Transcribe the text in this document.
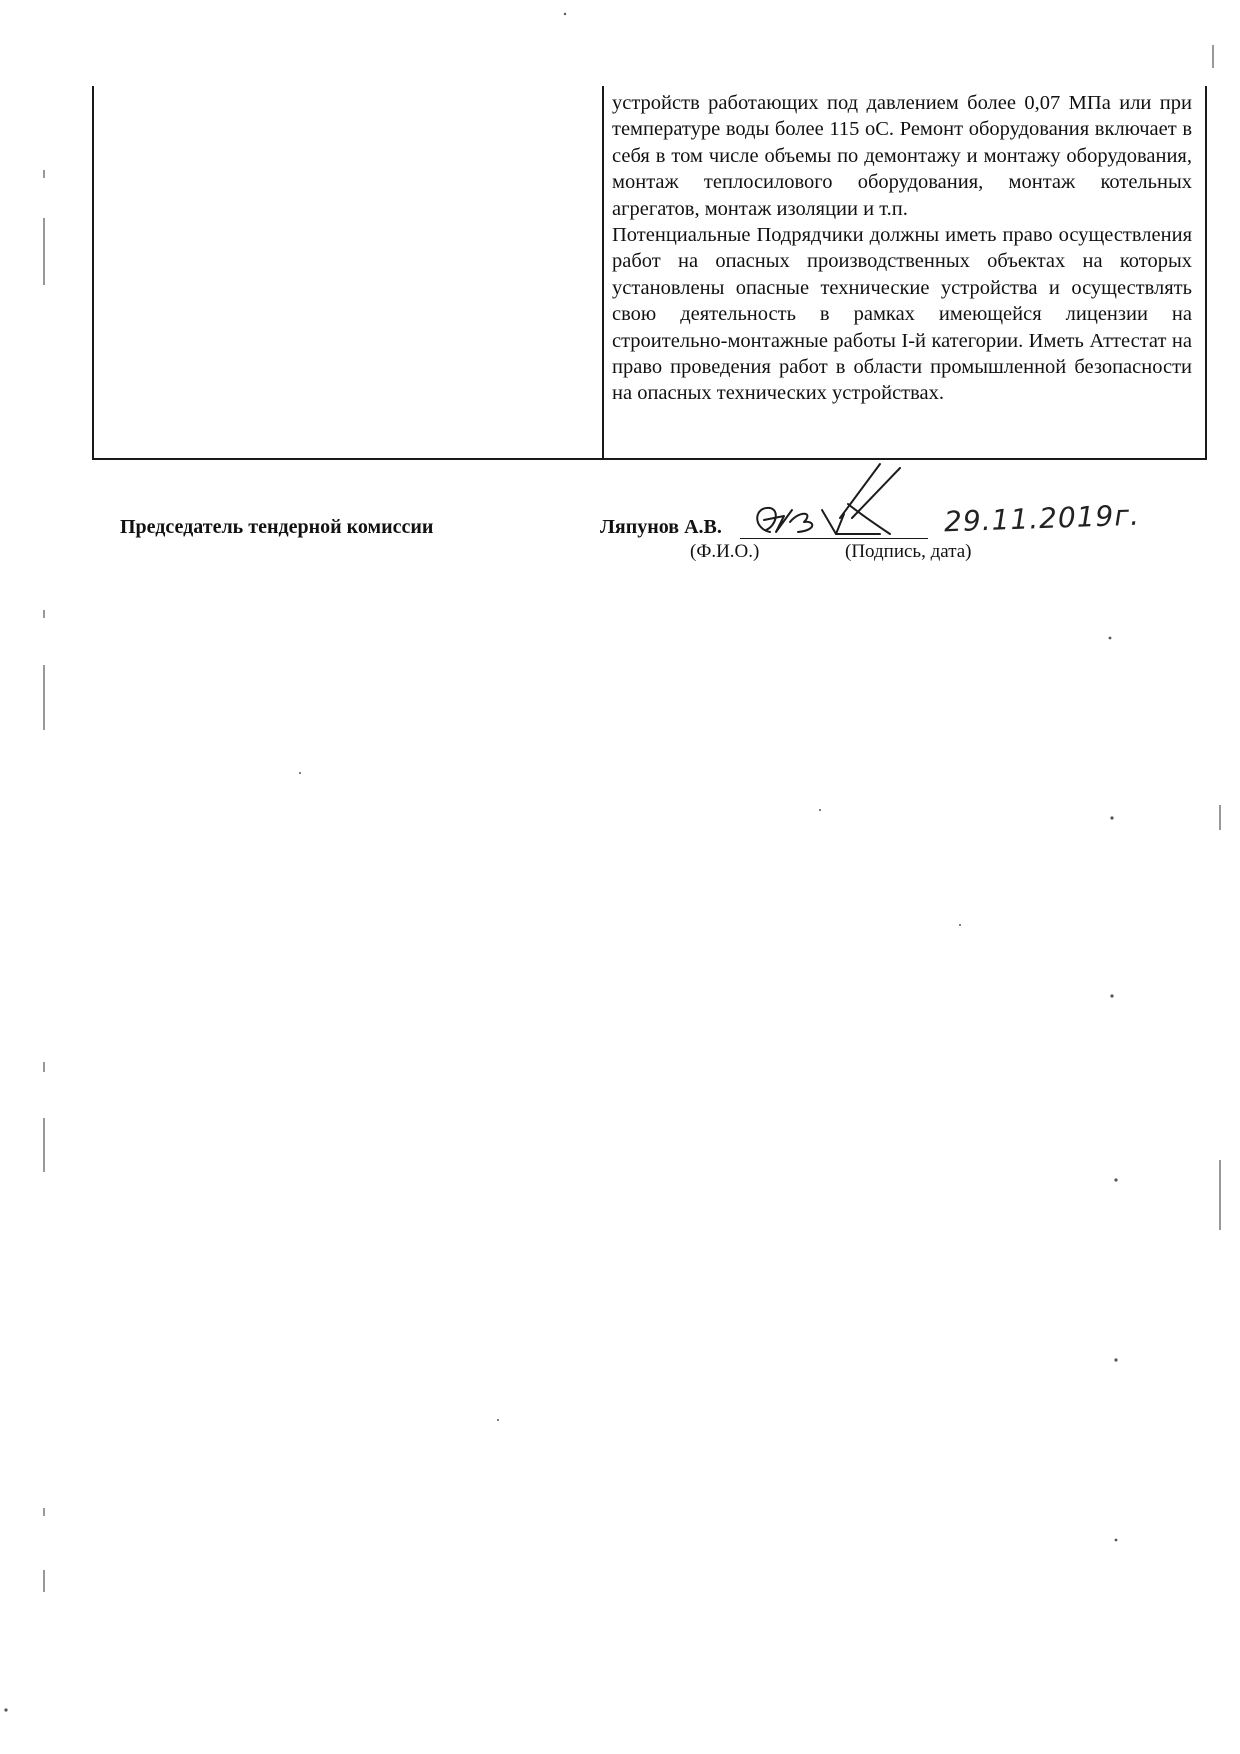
устройств работающих под давлением более 0,07 МПа или при температуре воды более 115 оС. Ремонт оборудования включает в себя в том числе объемы по демонтажу и монтажу оборудования, монтаж теплосилового оборудования, монтаж котельных агрегатов, монтаж изоляции и т.п.

Потенциальные Подрядчики должны иметь право осуществления работ на опасных производственных объектах на которых установлены опасные технические устройства и осуществлять свою деятельность в рамках имеющейся лицензии на строительно-монтажные работы I-й категории. Иметь Аттестат на право проведения работ в области промышленной безопасности на опасных технических устройствах.

Председатель тендерной комиссии	Ляпунов А.В.	29.11.2019г.
(Ф.И.О.)	(Подпись, дата)
